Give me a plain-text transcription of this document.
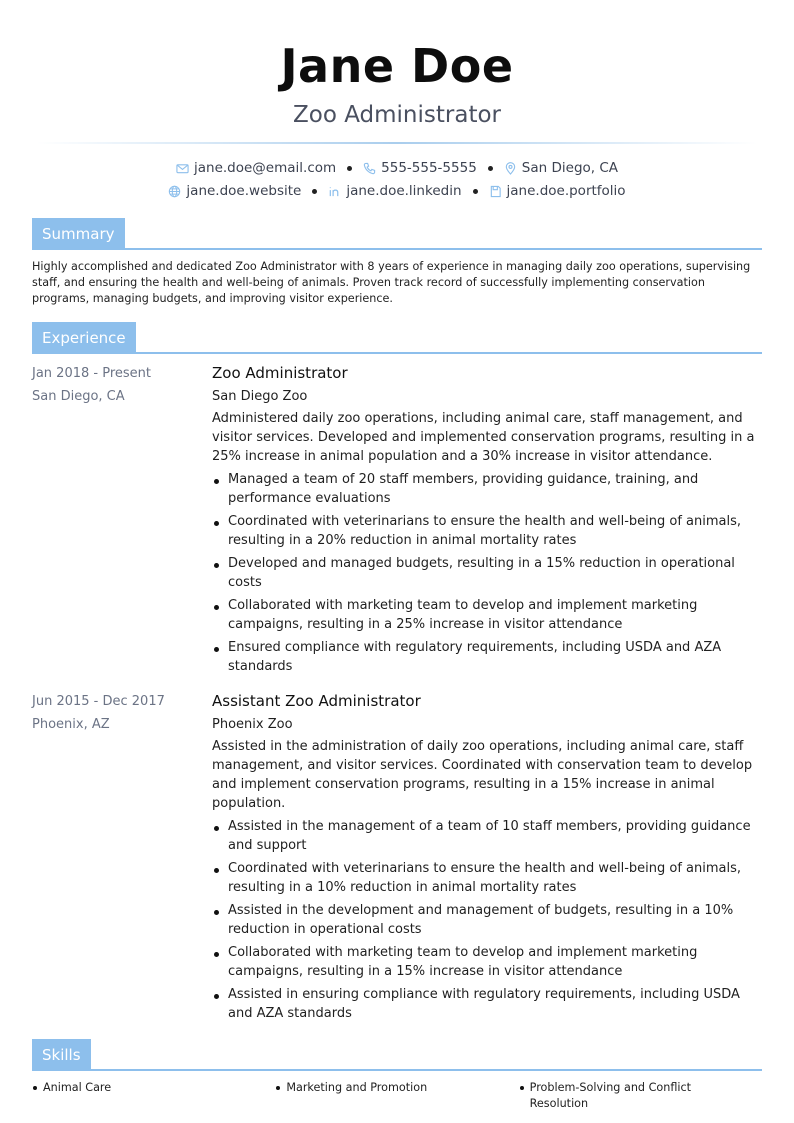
Jane Doe
Zoo Administrator
jane.doe@email.com	555-555-5555	San Diego, CA
jane.doe.website	jane.doe.linkedin	jane.doe.portfolio
Summary

Highly accomplished and dedicated Zoo Administrator with 8 years of experience in managing daily zoo operations, supervising staff, and ensuring the health and well-being of animals. Proven track record of successfully implementing conservation programs, managing budgets, and improving visitor experience.

Experience
Jan 2018 - Present
San Diego, CA
Zoo Administrator
San Diego Zoo
Administered daily zoo operations, including animal care, staff management, and visitor services. Developed and implemented conservation programs, resulting in a 25% increase in animal population and a 30% increase in visitor attendance.
Managed a team of 20 staff members, providing guidance, training, and performance evaluations
Coordinated with veterinarians to ensure the health and well-being of animals, resulting in a 20% reduction in animal mortality rates
Developed and managed budgets, resulting in a 15% reduction in operational costs
Collaborated with marketing team to develop and implement marketing campaigns, resulting in a 25% increase in visitor attendance
Ensured compliance with regulatory requirements, including USDA and AZA standards
Jun 2015 - Dec 2017
Phoenix, AZ
Assistant Zoo Administrator
Phoenix Zoo
Assisted in the administration of daily zoo operations, including animal care, staff management, and visitor services. Coordinated with conservation team to develop and implement conservation programs, resulting in a 15% increase in animal population.
Assisted in the management of a team of 10 staff members, providing guidance and support
Coordinated with veterinarians to ensure the health and well-being of animals, resulting in a 10% reduction in animal mortality rates
Assisted in the development and management of budgets, resulting in a 10% reduction in operational costs
Collaborated with marketing team to develop and implement marketing campaigns, resulting in a 15% increase in visitor attendance
Assisted in ensuring compliance with regulatory requirements, including USDA and AZA standards
Skills
Animal Care	Marketing and Promotion	Problem-Solving and Conflict Resolution
